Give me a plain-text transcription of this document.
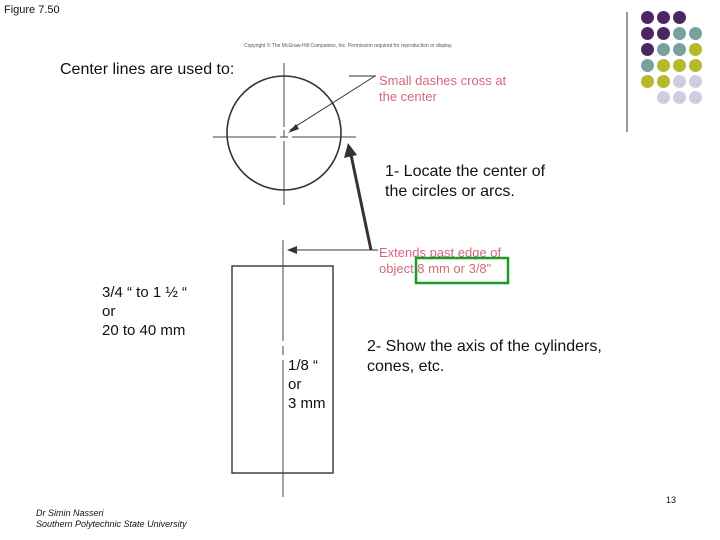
Figure 7.50
Copyright © The McGraw-Hill Companies, Inc. Permission required for reproduction or display.
Center lines are used to:
Small dashes cross at
the center
Extends past edge of
object 8 mm or 3/8"
1- Locate the center of
the circles or arcs.
2- Show the axis of the cylinders,
cones, etc.
3/4 “ to 1 ½ “
or
20 to 40 mm
1/8 “
or
3 mm
13
Dr Simin Nasseri
Southern Polytechnic State University
